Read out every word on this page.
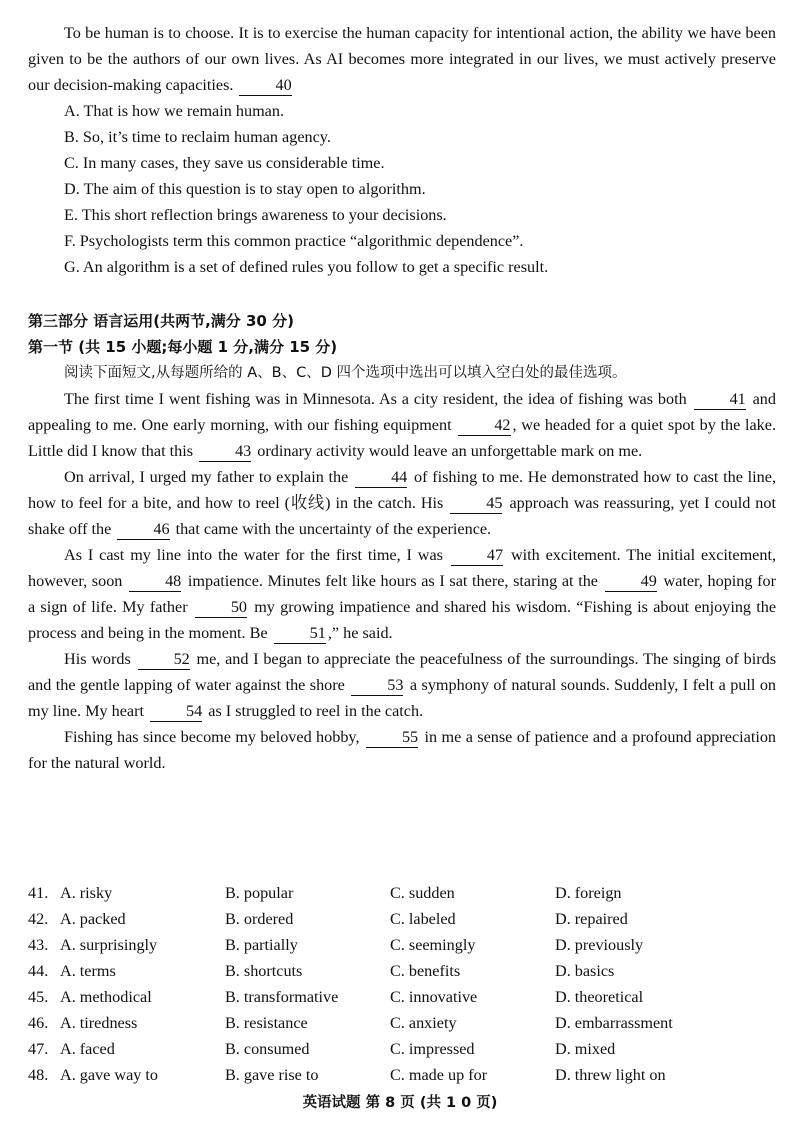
To be human is to choose. It is to exercise the human capacity for intentional action, the ability we have been given to be the authors of our own lives. As AI becomes more integrated in our lives, we must actively preserve our decision-making capacities.	40

A. That is how we remain human.

B. So, it’s time to reclaim human agency.

C. In many cases, they save us considerable time.

D. The aim of this question is to stay open to algorithm.

E. This short reflection brings awareness to your decisions.

F. Psychologists term this common practice “algorithmic dependence”.

G. An algorithm is a set of defined rules you follow to get a specific result.

第三部分 语言运用(共两节,满分 30 分)

第一节 (共 15 小题;每小题 1 分,满分 15 分)

阅读下面短文,从每题所给的 A、B、C、D 四个选项中选出可以填入空白处的最佳选项。

The first time I went fishing was in Minnesota. As a city resident, the idea of fishing was both	41 and appealing to me. One early morning, with our fishing equipment	42 , we headed for a quiet spot by the lake. Little did I know that this	43 ordinary activity would leave an unforgettable mark on me.

On arrival, I urged my father to explain the	44 of fishing to me. He demonstrated how to cast the line, how to feel for a bite, and how to reel (收线) in the catch. His	45 approach was reassuring, yet I could not shake off the	46 that came with the uncertainty of the experience.

As I cast my line into the water for the first time, I was	47 with excitement. The initial excitement, however, soon	48 impatience. Minutes felt like hours as I sat there, staring at the	49 water, hoping for a sign of life. My father	50 my growing impatience and shared his wisdom. “Fishing is about enjoying the process and being in the moment. Be	51 ,” he said.

His words	52 me, and I began to appreciate the peacefulness of the surroundings. The singing of birds and the gentle lapping of water against the shore	53 a symphony of natural sounds. Suddenly, I felt a pull on my line. My heart	54 as I struggled to reel in the catch.

Fishing has since become my beloved hobby,	55 in me a sense of patience and a profound appreciation for the natural world.

41. A. risky	B. popular	C. sudden	D. foreign
42. A. packed	B. ordered	C. labeled	D. repaired
43. A. surprisingly	B. partially	C. seemingly	D. previously
44. A. terms	B. shortcuts	C. benefits	D. basics
45. A. methodical	B. transformative	C. innovative	D. theoretical
46. A. tiredness	B. resistance	C. anxiety	D. embarrassment
47. A. faced	B. consumed	C. impressed	D. mixed
48. A. gave way to	B. gave rise to	C. made up for	D. threw light on
英语试题 第 8 页 (共 1 0 页)
